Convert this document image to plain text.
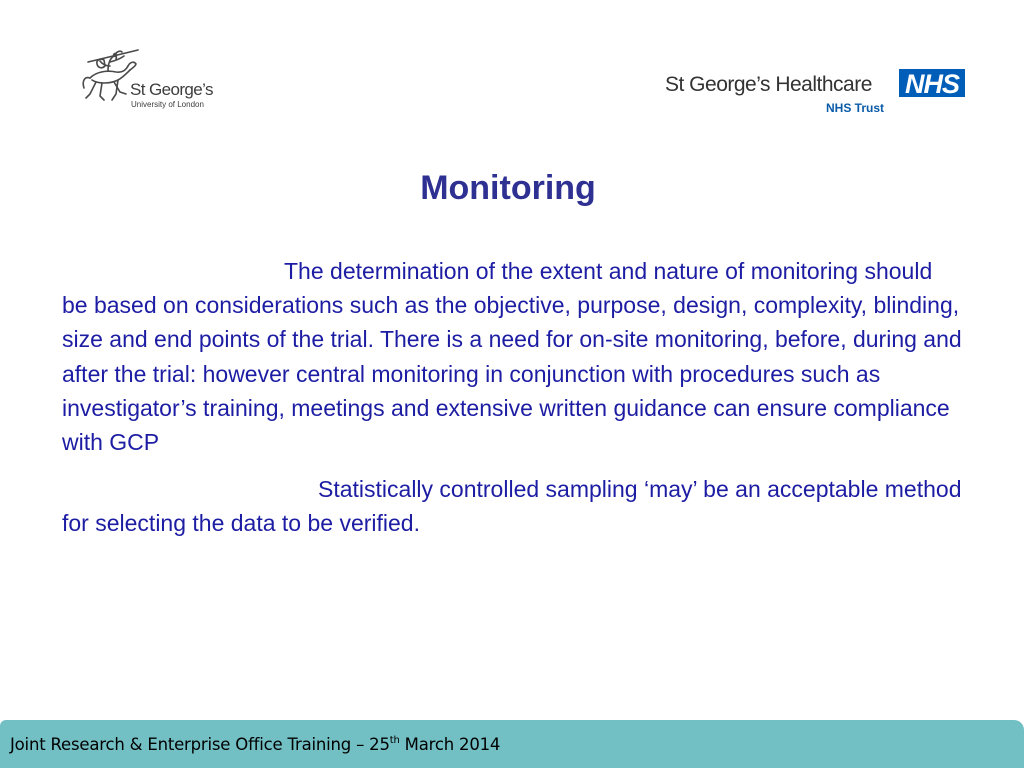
St George’s
University of London
St George’s Healthcare NHS
NHS Trust
Monitoring

The determination of the extent and nature of monitoring should be based on considerations such as the objective, purpose, design, complexity, blinding, size and end points of the trial. There is a need for on-site monitoring, before, during and after the trial: however central monitoring in conjunction with procedures such as investigator’s training, meetings and extensive written guidance can ensure compliance with GCP

Statistically controlled sampling ‘may’ be an acceptable method for selecting the data to be verified.

Joint Research & Enterprise Office Training – 25th March 2014
